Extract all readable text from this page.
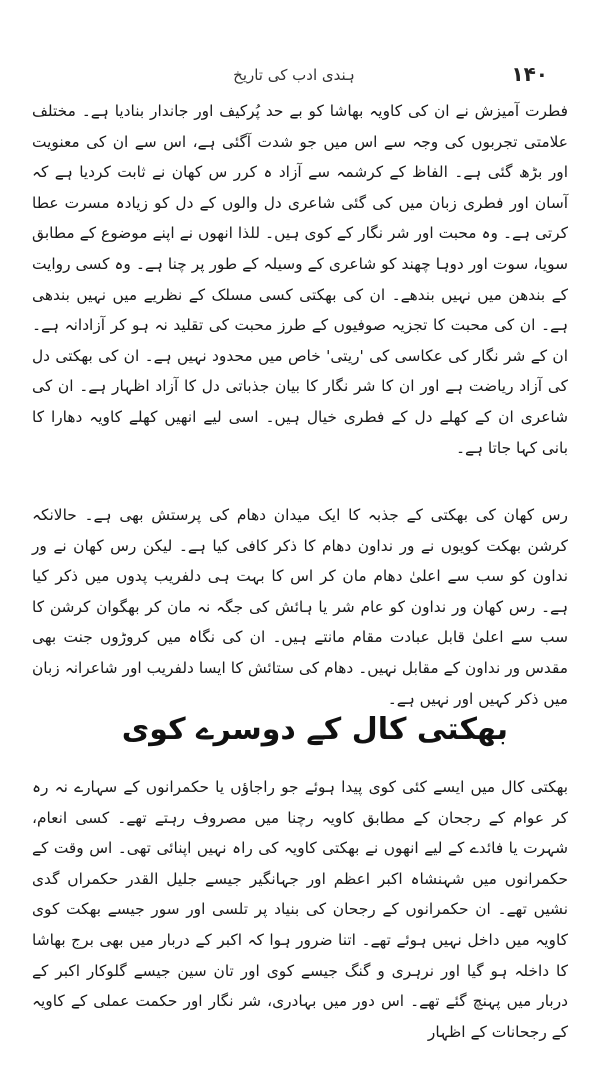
۱۴۰
ہندی ادب کی تاریخ

فطرت آمیزش نے ان کی کاویہ بھاشا کو بے حد پُرکیف اور جاندار بنادیا ہے۔ مختلف علامتی تجربوں کی وجہ سے اس میں جو شدت آگئی ہے، اس سے ان کی معنویت اور بڑھ گئی ہے۔ الفاظ کے کرشمہ سے آزاد ہ کرر س کھان نے ثابت کردیا ہے کہ آسان اور فطری زبان میں کی گئی شاعری دل والوں کے دل کو زیادہ مسرت عطا کرتی ہے۔ وہ محبت اور شر نگار کے کوی ہیں۔ للذا انھوں نے اپنے موضوع کے مطابق سویا، سوت اور دوہا چھند کو شاعری کے وسیلہ کے طور پر چنا ہے۔ وہ کسی روایت کے بندھن میں نہیں بندھے۔ ان کی بھکتی کسی مسلک کے نظریے میں نہیں بندھی ہے۔ ان کی محبت کا تجزیہ صوفیوں کے طرز محبت کی تقلید نہ ہو کر آزادانہ ہے۔ ان کے شر نگار کی عکاسی کی 'ریتی' خاص میں محدود نہیں ہے۔ ان کی بھکتی دل کی آزاد ریاضت ہے اور ان کا شر نگار کا بیان جذباتی دل کا آزاد اظہار ہے۔ ان کی شاعری ان کے کھلے دل کے فطری خیال ہیں۔ اسی لیے انھیں کھلے کاویہ دھارا کا بانی کہا جاتا ہے۔

رس کھان کی بھکتی کے جذبہ کا ایک میدان دھام کی پرستش بھی ہے۔ حالانکہ کرشن بھکت کویوں نے ور نداون دھام کا ذکر کافی کیا ہے۔ لیکن رس کھان نے ور نداون کو سب سے اعلیٰ دھام مان کر اس کا بہت ہی دلفریب پدوں میں ذکر کیا ہے۔ رس کھان ور نداون کو عام شر یا ہائش کی جگہ نہ مان کر بھگوان کرشن کا سب سے اعلیٰ قابل عبادت مقام مانتے ہیں۔ ان کی نگاہ میں کروڑوں جنت بھی مقدس ور نداون کے مقابل نہیں۔ دھام کی ستائش کا ایسا دلفریب اور شاعرانہ زبان میں ذکر کہیں اور نہیں ہے۔

بھکتی کال کے دوسرے کوی

بھکتی کال میں ایسے کئی کوی پیدا ہوئے جو راجاؤں یا حکمرانوں کے سہارے نہ رہ کر عوام کے رجحان کے مطابق کاویہ رچنا میں مصروف رہتے تھے۔ کسی انعام، شہرت یا فائدے کے لیے انھوں نے بھکتی کاویہ کی راہ نہیں اپنائی تھی۔ اس وقت کے حکمرانوں میں شہنشاہ اکبر اعظم اور جہانگیر جیسے جلیل القدر حکمراں گدی نشیں تھے۔ ان حکمرانوں کے رجحان کی بنیاد پر تلسی اور سور جیسے بھکت کوی کاویہ میں داخل نہیں ہوئے تھے۔ اتنا ضرور ہوا کہ اکبر کے دربار میں بھی برج بھاشا کا داخلہ ہو گیا اور نرہری و گنگ جیسے کوی اور تان سین جیسے گلوکار اکبر کے دربار میں پہنچ گئے تھے۔ اس دور میں بہادری، شر نگار اور حکمت عملی کے کاویہ کے رجحانات کے اظہار
